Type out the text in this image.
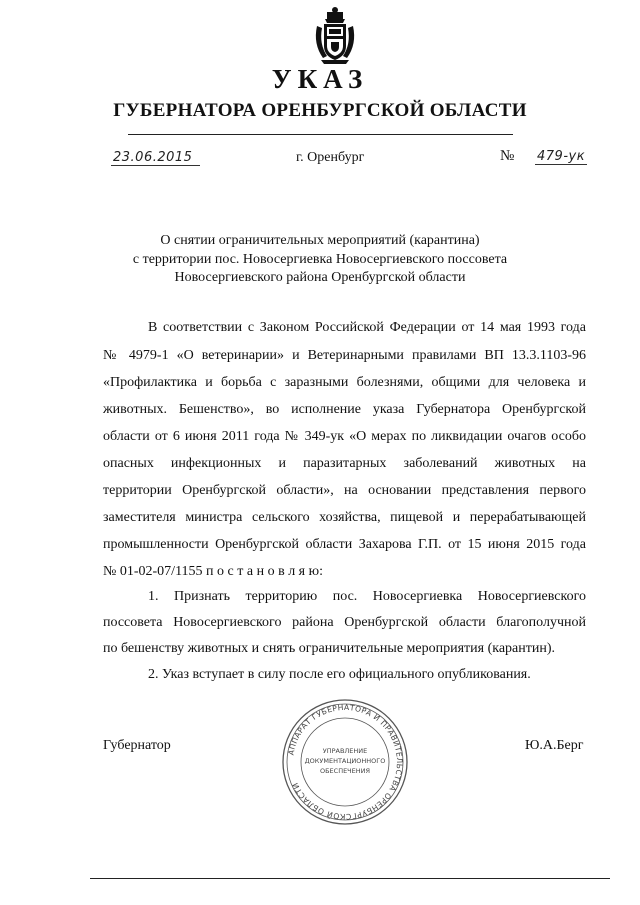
УКАЗ
ГУБЕРНАТОРА ОРЕНБУРГСКОЙ ОБЛАСТИ
23.06.2015	г. Оренбург	№ 479-ук
О снятии ограничительных мероприятий (карантина)
с территории пос. Новосергиевка Новосергиевского поссовета
Новосергиевского района Оренбургской области
В соответствии с Законом Российской Федерации от 14 мая 1993 года
№ 4979-1 «О ветеринарии» и Ветеринарными правилами ВП 13.3.1103-96
«Профилактика и борьба с заразными болезнями, общими для человека и
животных. Бешенство», во исполнение указа Губернатора Оренбургской
области от 6 июня 2011 года № 349-ук «О мерах по ликвидации очагов особо
опасных инфекционных и паразитарных заболеваний животных на
территории Оренбургской области», на основании представления первого
заместителя министра сельского хозяйства, пищевой и перерабатывающей
промышленности Оренбургской области Захарова Г.П. от 15 июня 2015 года
№ 01-02-07/1155 п о с т а н о в л я ю:
1. Признать территорию пос. Новосергиевка Новосергиевского
поссовета Новосергиевского района Оренбургской области благополучной
по бешенству животных и снять ограничительные мероприятия (карантин).
2. Указ вступает в силу после его официального опубликования.
Губернатор	АППАРАТ ГУБЕРНАТОРА И ПРАВИТЕЛЬСТВА ОРЕНБУРГСКОЙ ОБЛАСТИ
УПРАВЛЕНИЕ
ДОКУМЕНТАЦИОННОГО
ОБЕСПЕЧЕНИЯ
Ю.А.Берг
